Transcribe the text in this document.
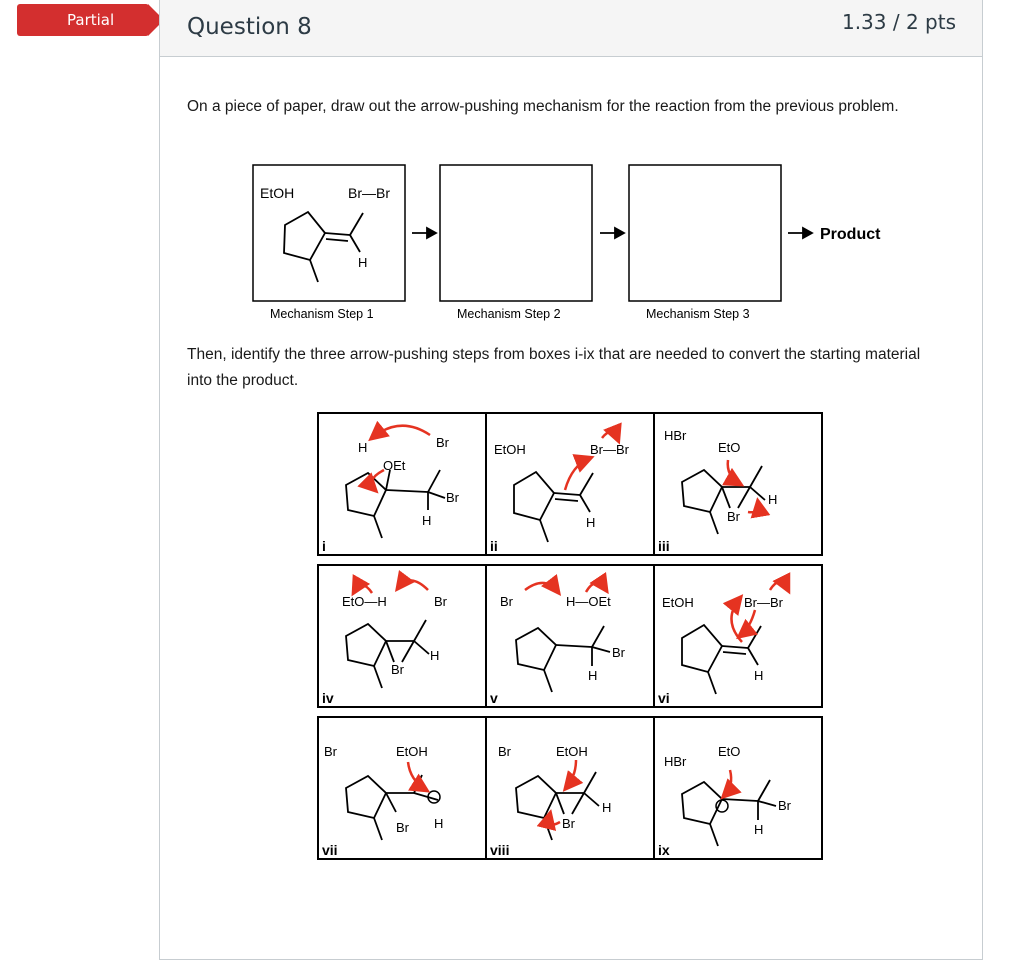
Partial	Question 8	1.33 / 2 pts
On a piece of paper, draw out the arrow-pushing mechanism for the reaction from the previous problem.
EtOH	Br—Br
H
Product
Mechanism Step 1	Mechanism Step 2	Mechanism Step 3
Then, identify the three arrow-pushing steps from boxes i-ix that are needed to convert the starting material into the product.
H
OEt
Br
Br
H
i
EtOH	Br—Br
H
ii
HBr
EtO
Br
H
iii
EtO—H	Br
Br
H
iv
Br	H—OEt
Br
H
v
EtOH	Br—Br
H
vi
Br	EtOH
Br H
vii
Br	EtOH
Br
H
viii
HBr
EtO
Br
H
ix
